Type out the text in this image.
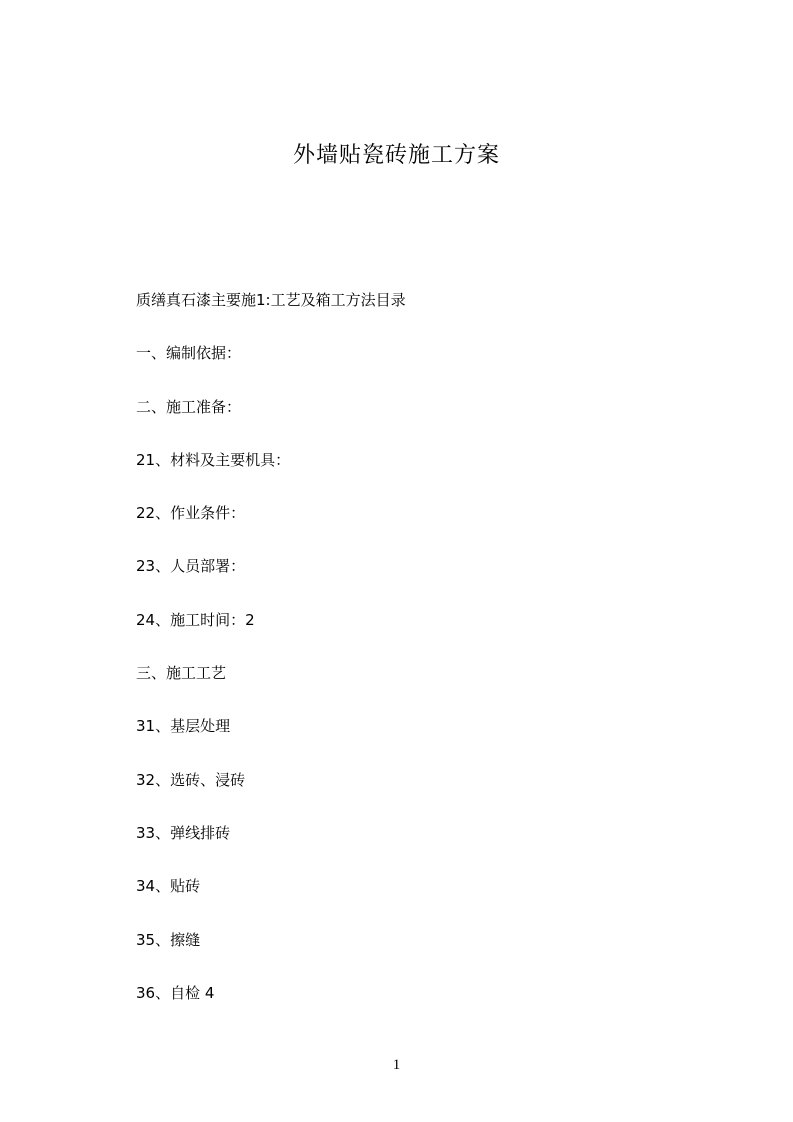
外墙贴瓷砖施工方案
质缮真石漆主要施1:工艺及箱工方法目录
一、编制依据：
二、施工准备：
21、材料及主要机具：
22、作业条件：
23、人员部署：
24、施工时间：2
三、施工工艺
31、基层处理
32、选砖、浸砖
33、弹线排砖
34、贴砖
35、擦缝
36、自检 4
1
